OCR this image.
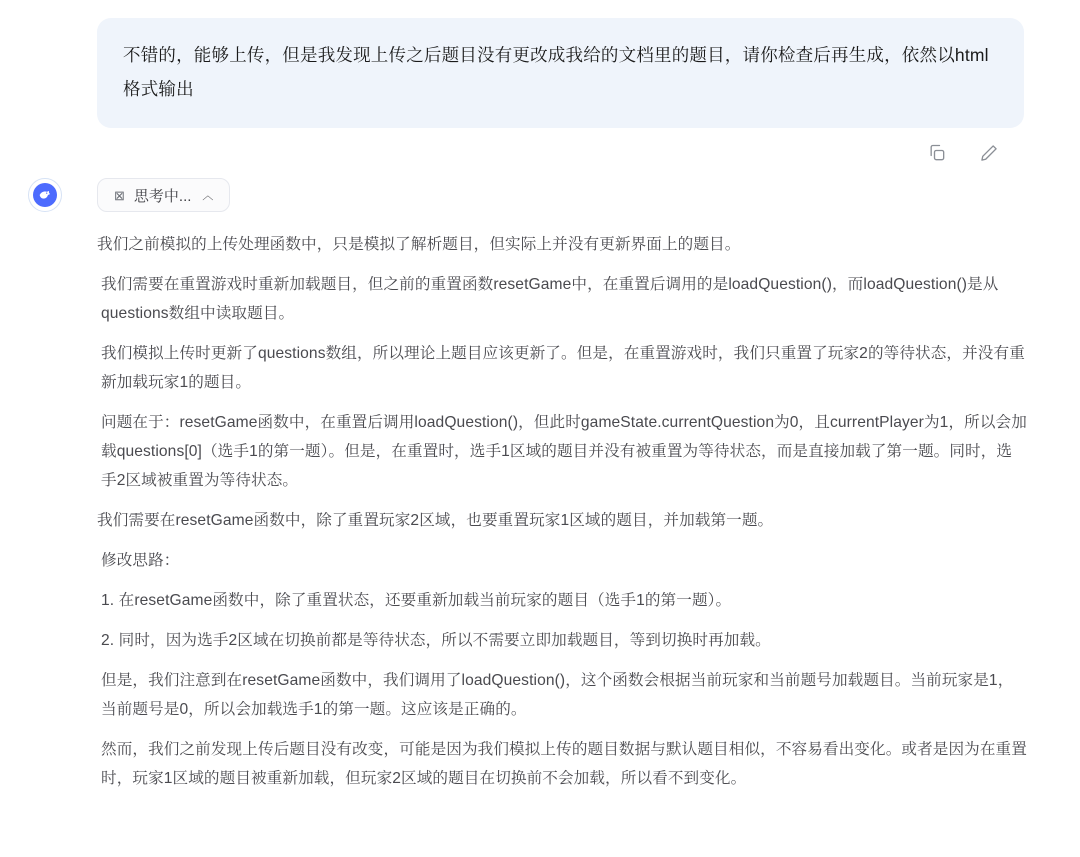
不错的，能够上传，但是我发现上传之后题目没有更改成我给的文档里的题目，请你检查后再生成，依然以html格式输出
⊠ 思考中... ︿

我们之前模拟的上传处理函数中，只是模拟了解析题目，但实际上并没有更新界面上的题目。

我们需要在重置游戏时重新加载题目，但之前的重置函数resetGame中，在重置后调用的是loadQuestion()，而loadQuestion()是从questions数组中读取题目。

我们模拟上传时更新了questions数组，所以理论上题目应该更新了。但是，在重置游戏时，我们只重置了玩家2的等待状态，并没有重新加载玩家1的题目。

问题在于：resetGame函数中，在重置后调用loadQuestion()，但此时gameState.currentQuestion为0，且currentPlayer为1，所以会加载questions[0]（选手1的第一题）。但是，在重置时，选手1区域的题目并没有被重置为等待状态，而是直接加载了第一题。同时，选手2区域被重置为等待状态。

我们需要在resetGame函数中，除了重置玩家2区域，也要重置玩家1区域的题目，并加载第一题。

修改思路：

1. 在resetGame函数中，除了重置状态，还要重新加载当前玩家的题目（选手1的第一题）。

2. 同时，因为选手2区域在切换前都是等待状态，所以不需要立即加载题目，等到切换时再加载。

但是，我们注意到在resetGame函数中，我们调用了loadQuestion()，这个函数会根据当前玩家和当前题号加载题目。当前玩家是1，当前题号是0，所以会加载选手1的第一题。这应该是正确的。

然而，我们之前发现上传后题目没有改变，可能是因为我们模拟上传的题目数据与默认题目相似，不容易看出变化。或者是因为在重置时，玩家1区域的题目被重新加载，但玩家2区域的题目在切换前不会加载，所以看不到变化。
